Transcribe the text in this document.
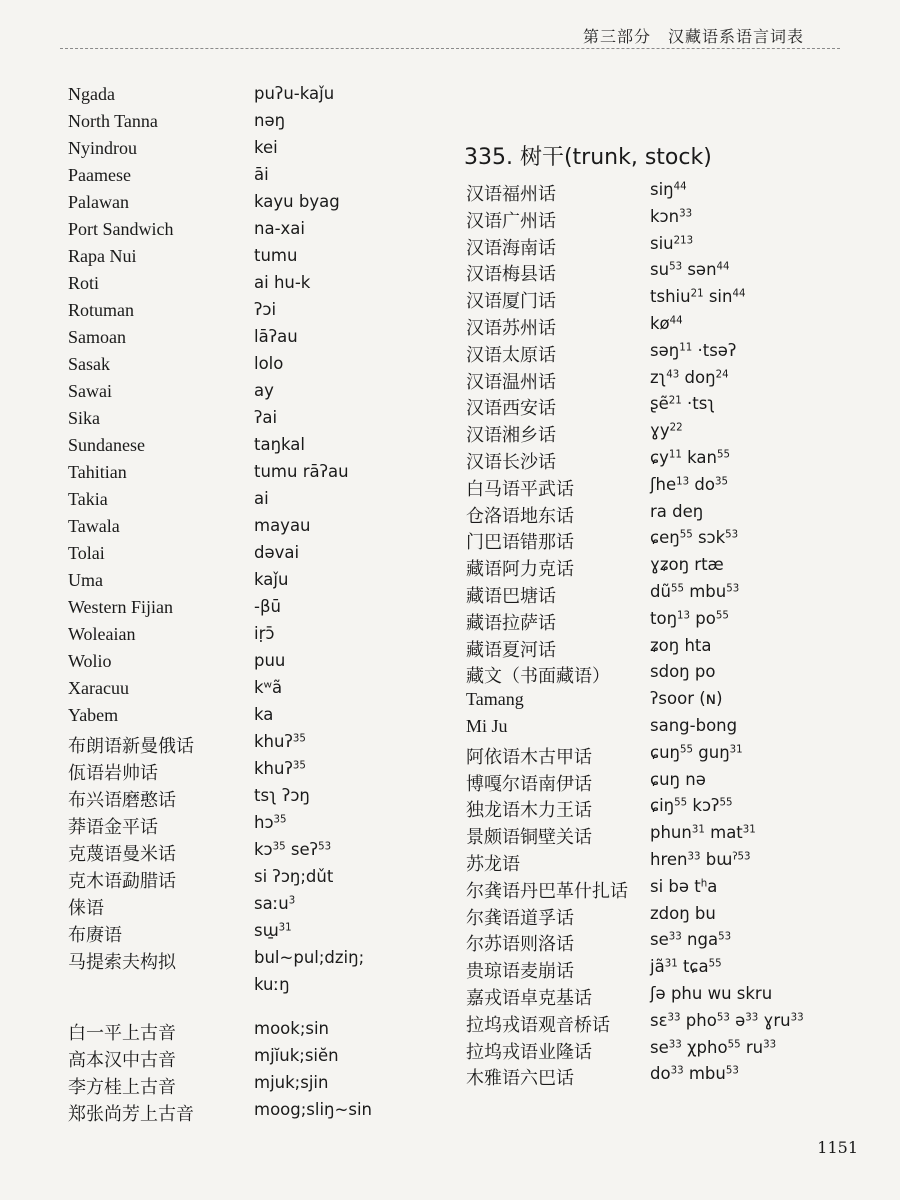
第三部分　汉藏语系语言词表
Ngada	puʔu-kaǰu
North Tanna	nəŋ
Nyindrou	kei
Paamese	āi
Palawan	kayu byag
Port Sandwich	na-xai
Rapa Nui	tumu
Roti	ai hu-k
Rotuman	ʔɔi
Samoan	lāʔau
Sasak	lolo
Sawai	ay
Sika	ʔai
Sundanese	taŋkal
Tahitian	tumu rāʔau
Takia	ai
Tawala	mayau
Tolai	dəvai
Uma	kaǰu
Western Fijian	-βū
Woleaian	iṛɔ̄
Wolio	puu
Xaracuu	kʷã
Yabem	ka
布朗语新曼俄话	khuʔ$^{35}$
佤语岩帅话	khuʔ$^{35}$
布兴语磨憨话	tsʅ ʔɔŋ
莽语金平话	hɔ$^{35}$
克蔑语曼米话	kɔ$^{35}$ seʔ$^{53}$
克木语勐腊话	si ʔɔŋ;dǔt
俫语	saːu$^3$
布赓语	sɯ̱$^{31}$
马提索夫构拟	bul~pul;dziŋ;
kuːŋ
白一平上古音	mook;sin
高本汉中古音	mjĭuk;siĕn
李方桂上古音	mjuk;sjin
郑张尚芳上古音	moog;sliŋ~sin
335. 树干(trunk, stock)
汉语福州话	siŋ$^{44}$
汉语广州话	kɔn$^{33}$
汉语海南话	siu$^{213}$
汉语梅县话	$su^{53}$ sən$^{44}$
汉语厦门话	tshiu$^{21}$ $\sin^{44}$
汉语苏州话	$kø^{44}$
汉语太原话	səŋ$^{11}$ ·tsəʔ
汉语温州话	zʅ$^{43}$ doŋ$^{24}$
汉语西安话	ʂẽ$^{21}$ ·tsʅ
汉语湘乡话	ɣy$^{22}$
汉语长沙话	ɕy$^{11}$ kan$^{55}$
白马语平武话	ʃhe$^{13}$ $do^{35}$
仓洛语地东话	ra deŋ
门巴语错那话	ɕeŋ$^{55}$ sɔk$^{53}$
藏语阿力克话	ɣʑoŋ rtæ
藏语巴塘话	$dũ^{55}$ mbu$^{53}$
藏语拉萨话	toŋ$^{13}$ $po^{55}$
藏语夏河话	ʑoŋ hta
藏文（书面藏语） sdoŋ po
Tamang	ʔsoor (ɴ)
Mi Ju	sang-bong
阿依语木古甲话	ɕuŋ$^{55}$ guŋ$^{31}$
博嘎尔语南伊话	ɕuŋ nə
独龙语木力王话	ɕiŋ$^{55}$ kɔʔ$^{55}$
景颇语铜壁关话	phun$^{31}$ mat$^{31}$
苏龙语	hren$^{33}$ bɯ$^{ʔ53}$
尔龚语丹巴革什扎话 si bə $t^ha$
尔龚语道孚话	zdoŋ bu
尔苏语则洛话	$se^{33}$ nga$^{53}$
贵琼语麦崩话	$jã^{31}$ tɕa$^{55}$
嘉戎语卓克基话	ʃə phu wu skru
拉坞戎语观音桥话 sɛ$^{33}$ pho$^{53}$ ə$^{33}$ ɣru$^{33}$
拉坞戎语业隆话	$se^{33}$ χpho$^{55}$ $ru^{33}$
木雅语六巴话	$do^{33}$ mbu$^{53}$
1151
